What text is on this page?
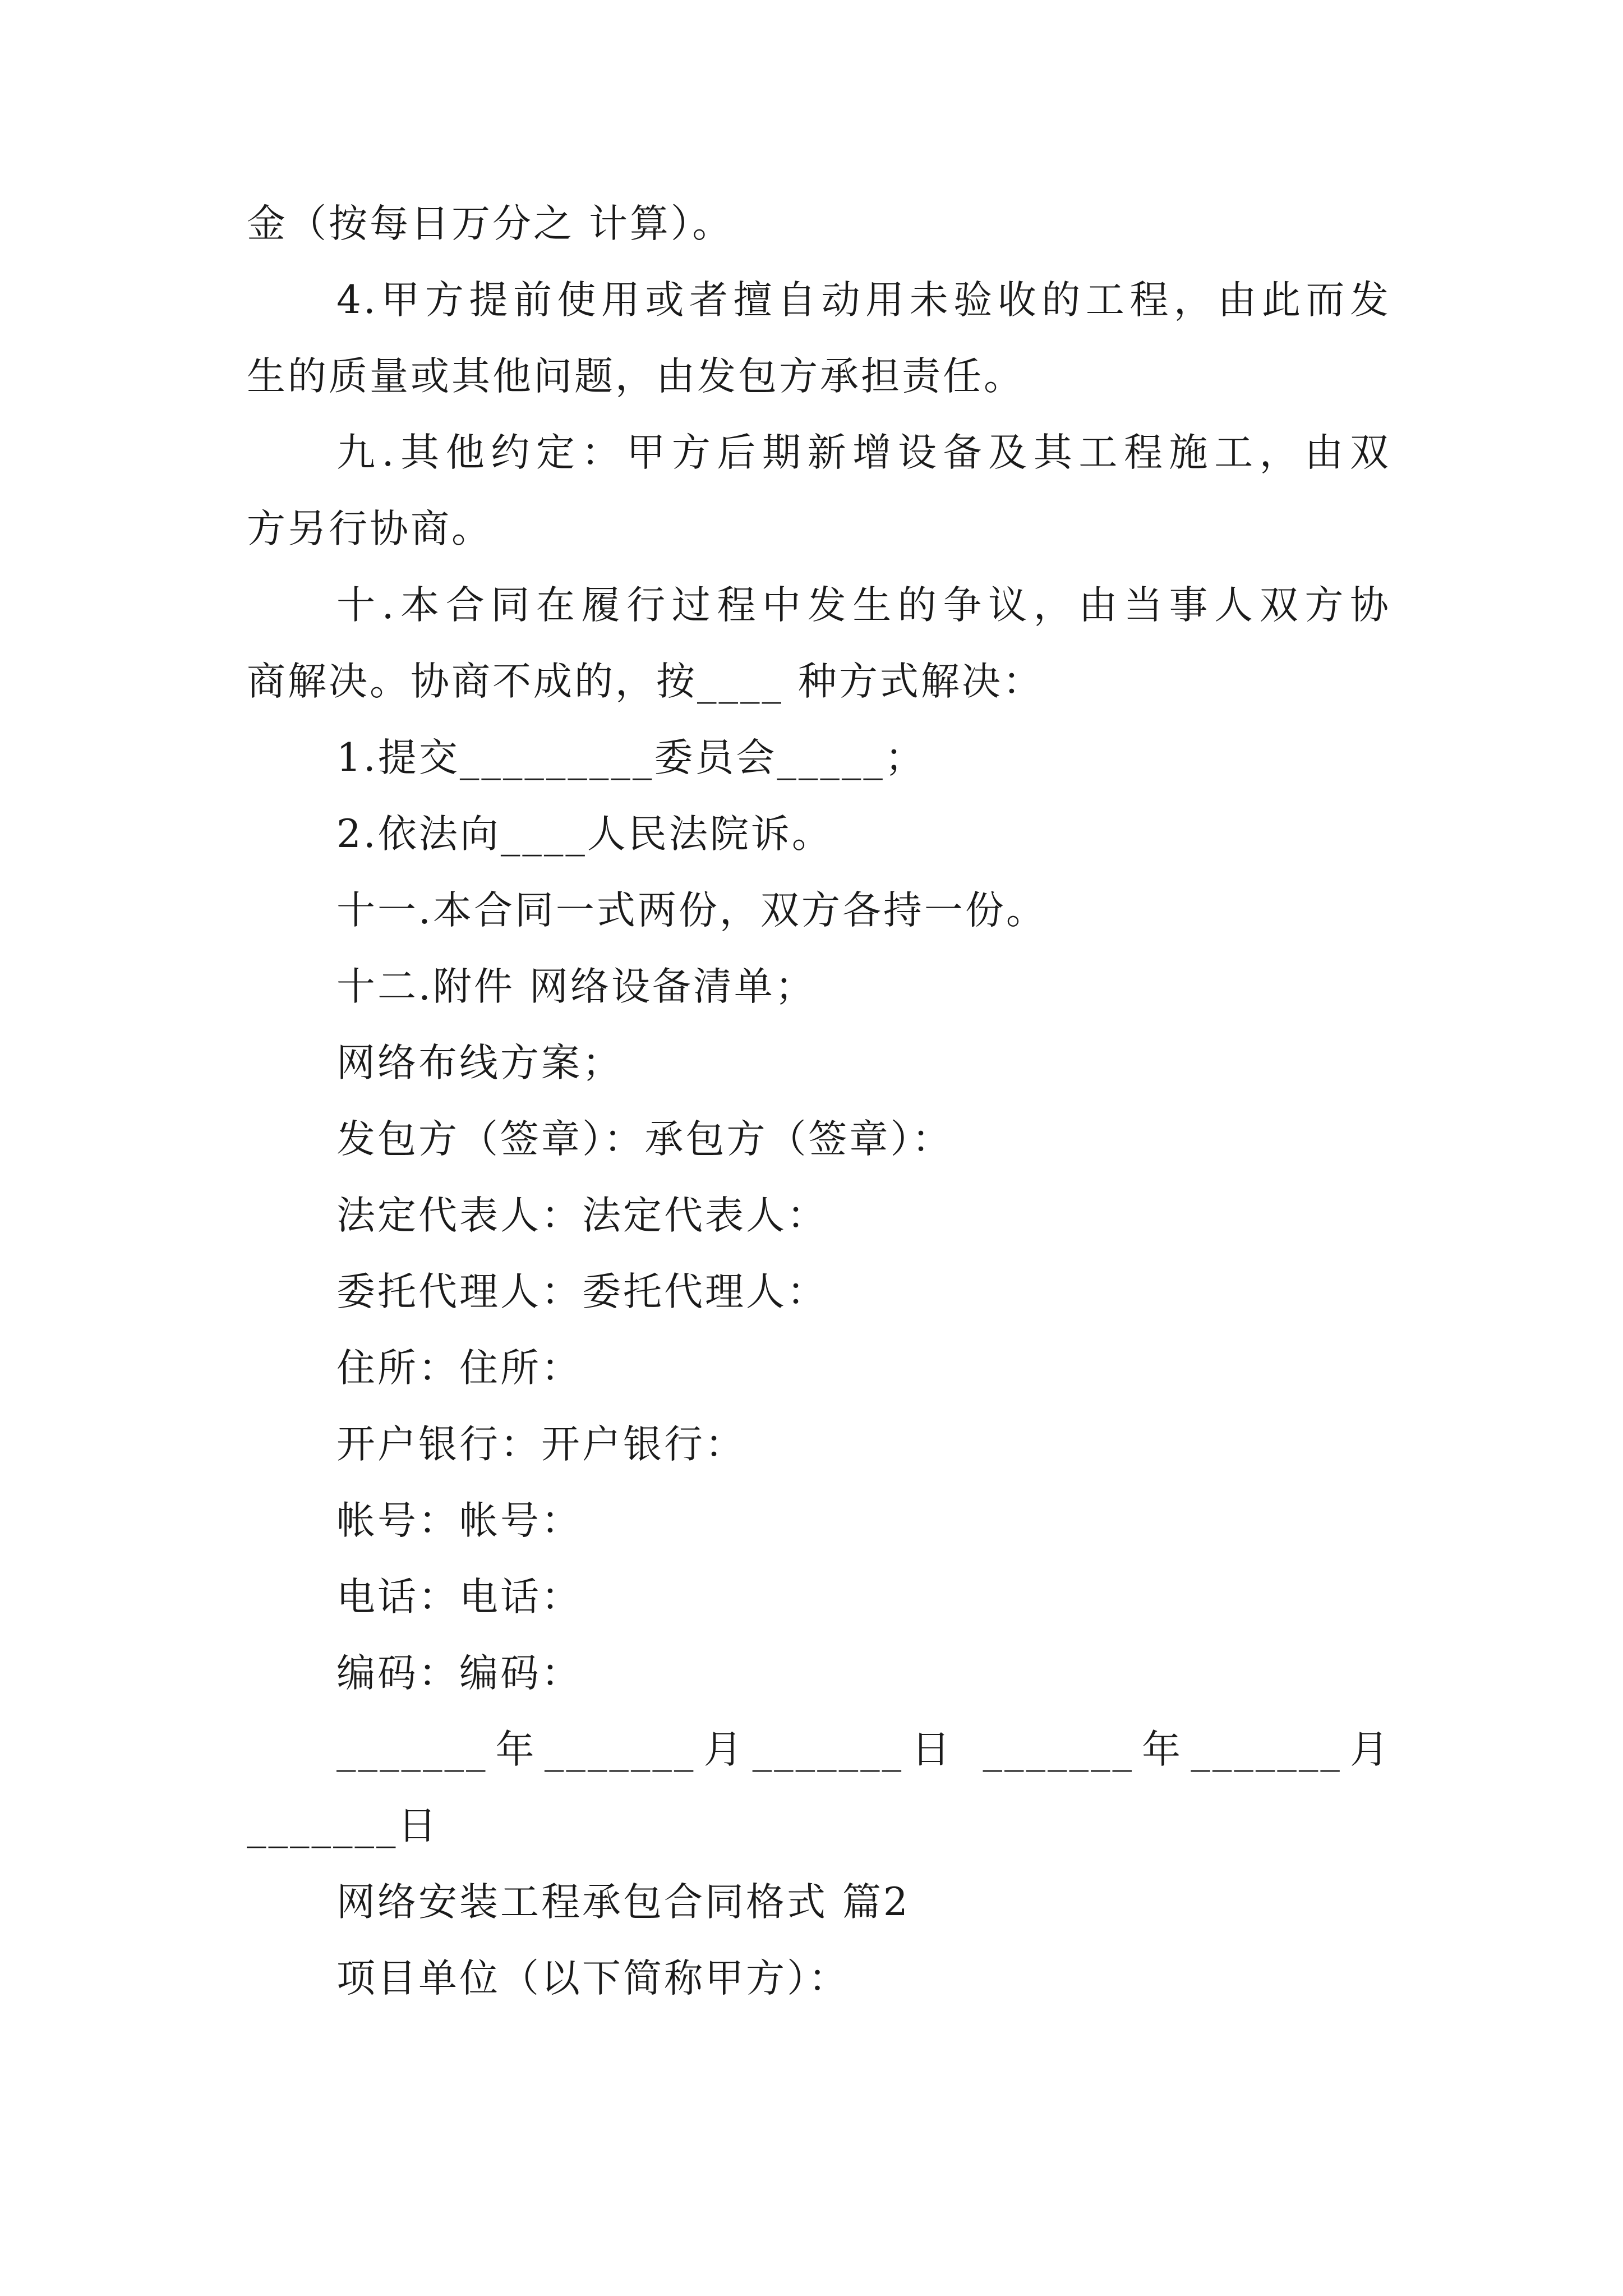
金（按每日万分之 计算）。
4.甲方提前使用或者擅自动用未验收的工程，由此而发
生的质量或其他问题，由发包方承担责任。
九.其他约定：甲方后期新增设备及其工程施工，由双
方另行协商。
十.本合同在履行过程中发生的争议，由当事人双方协
商解决。协商不成的，按____ 种方式解决：
1.提交_________委员会_____；
2.依法向____人民法院诉。
十一.本合同一式两份，双方各持一份。
十二.附件 网络设备清单；
网络布线方案；
发包方（签章）：承包方（签章）：
法定代表人：法定代表人：
委托代理人：委托代理人：
住所：住所：
开户银行：开户银行：
帐号：帐号：
电话：电话：
编码：编码：
_______年_______月_______日 _______年_______月
_______日
网络安装工程承包合同格式 篇2
项目单位（以下简称甲方）：
